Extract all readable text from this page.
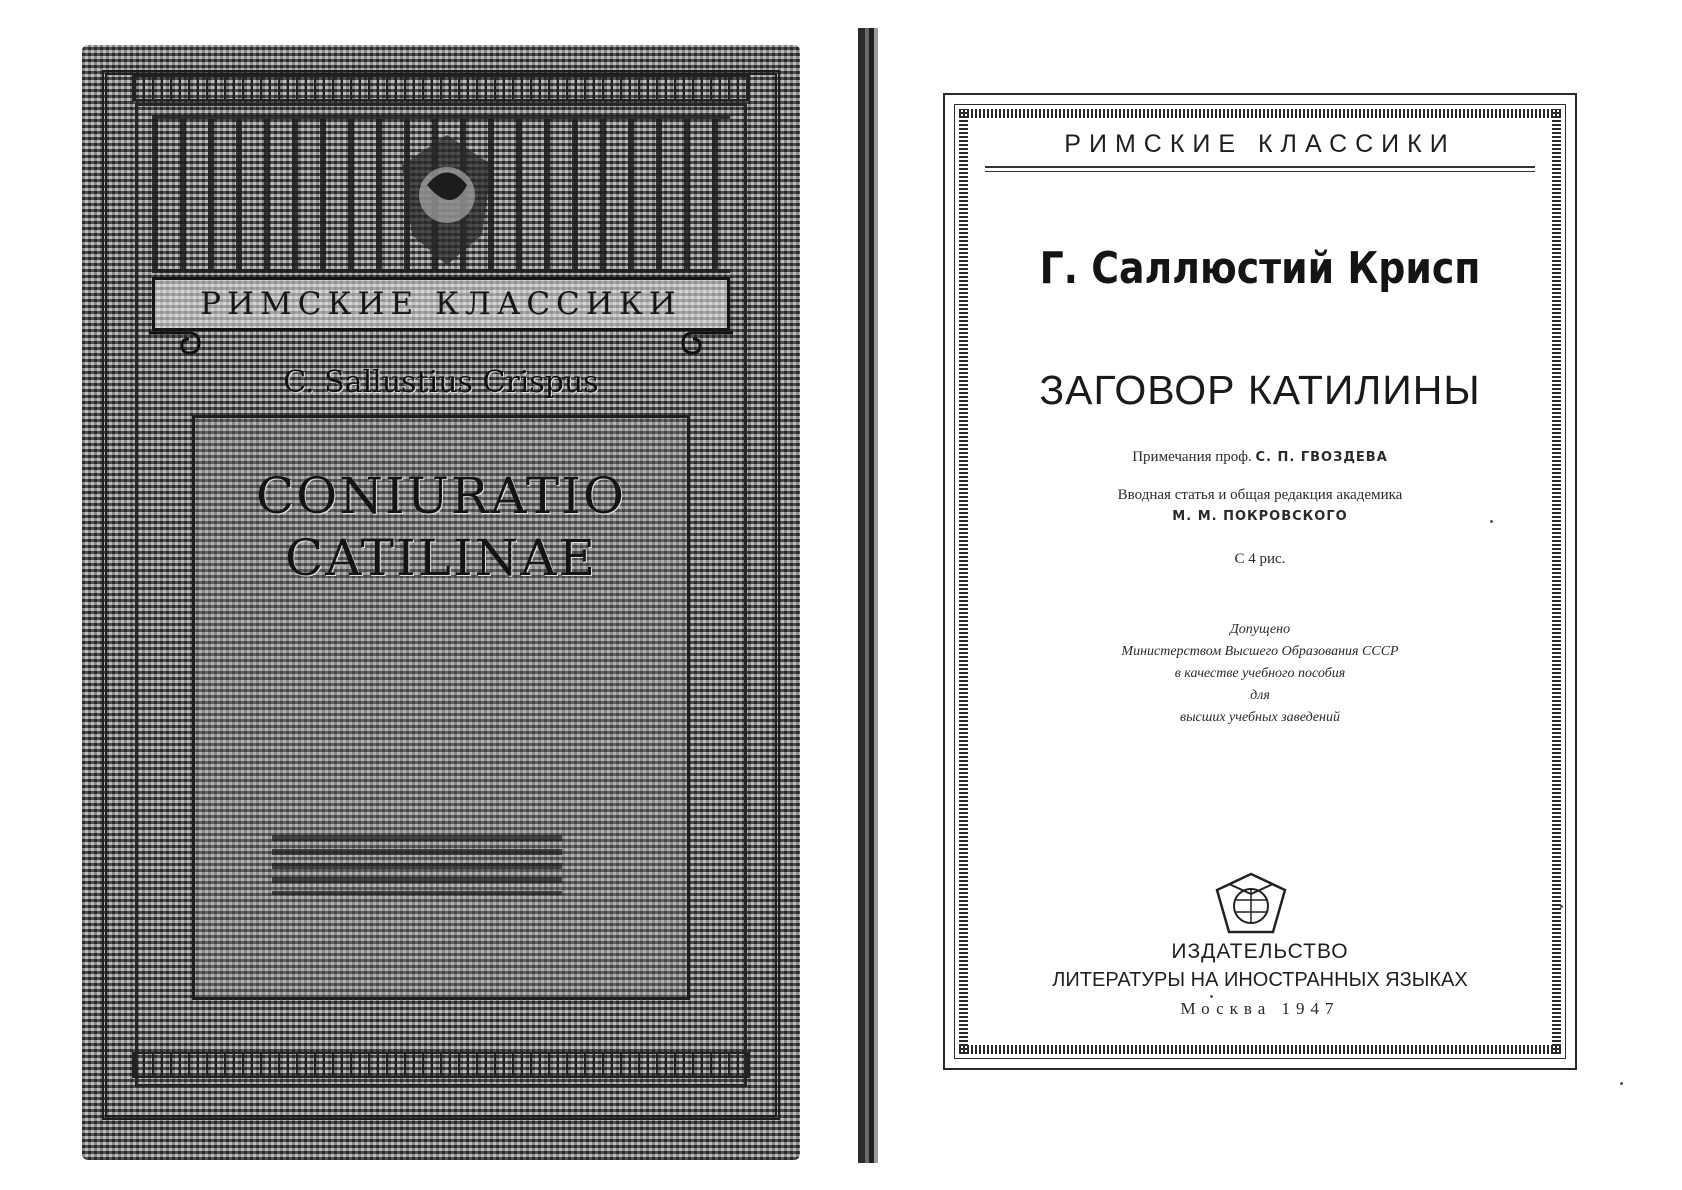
РИМСКИЕ КЛАССИКИ
C. Sallustius Crispus
CONIURATIO
CATILINAE
РИМСКИЕ КЛАССИКИ
Г. Саллюстий Крисп
ЗАГОВОР КАТИЛИНЫ
Примечания проф. С. П. ГВОЗДЕВА
Вводная статья и общая редакция академика
М. М. ПОКРОВСКОГО
С 4 рис.
Допущено
Министерством Высшего Образования СССР
в качестве учебного пособия
для
высших учебных заведений
ИЗДАТЕЛЬСТВО
ЛИТЕРАТУРЫ НА ИНОСТРАННЫХ ЯЗЫКАХ
Москва 1947
